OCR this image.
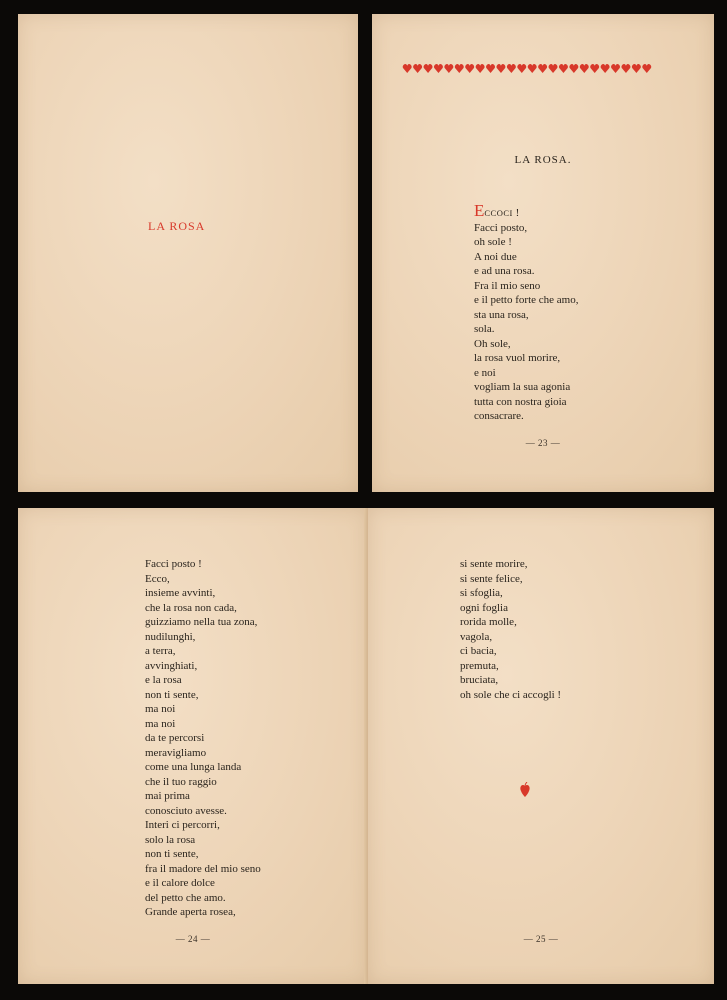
LA ROSA
LA ROSA.
ECCOCI !
Facci posto,
oh sole !
A noi due
e ad una rosa.
Fra il mio seno
e il petto forte che amo,
sta una rosa,
sola.
Oh sole,
la rosa vuol morire,
e noi
vogliam la sua agonia
tutta con nostra gioia
consacrare.
— 23 —
Facci posto !
Ecco,
insieme avvinti,
che la rosa non cada,
guizziamo nella tua zona,
nudilunghi,
a terra,
avvinghiati,
e la rosa
non ti sente,
ma noi
ma noi
da te percorsi
meravigliamo
come una lunga landa
che il tuo raggio
mai prima
conosciuto avesse.
Interi ci percorri,
solo la rosa
non ti sente,
fra il madore del mio seno
e il calore dolce
del petto che amo.
Grande aperta rosea,
— 24 —
si sente morire,
si sente felice,
si sfoglia,
ogni foglia
rorida molle,
vagola,
ci bacia,
premuta,
bruciata,
oh sole che ci accogli !
— 25 —
